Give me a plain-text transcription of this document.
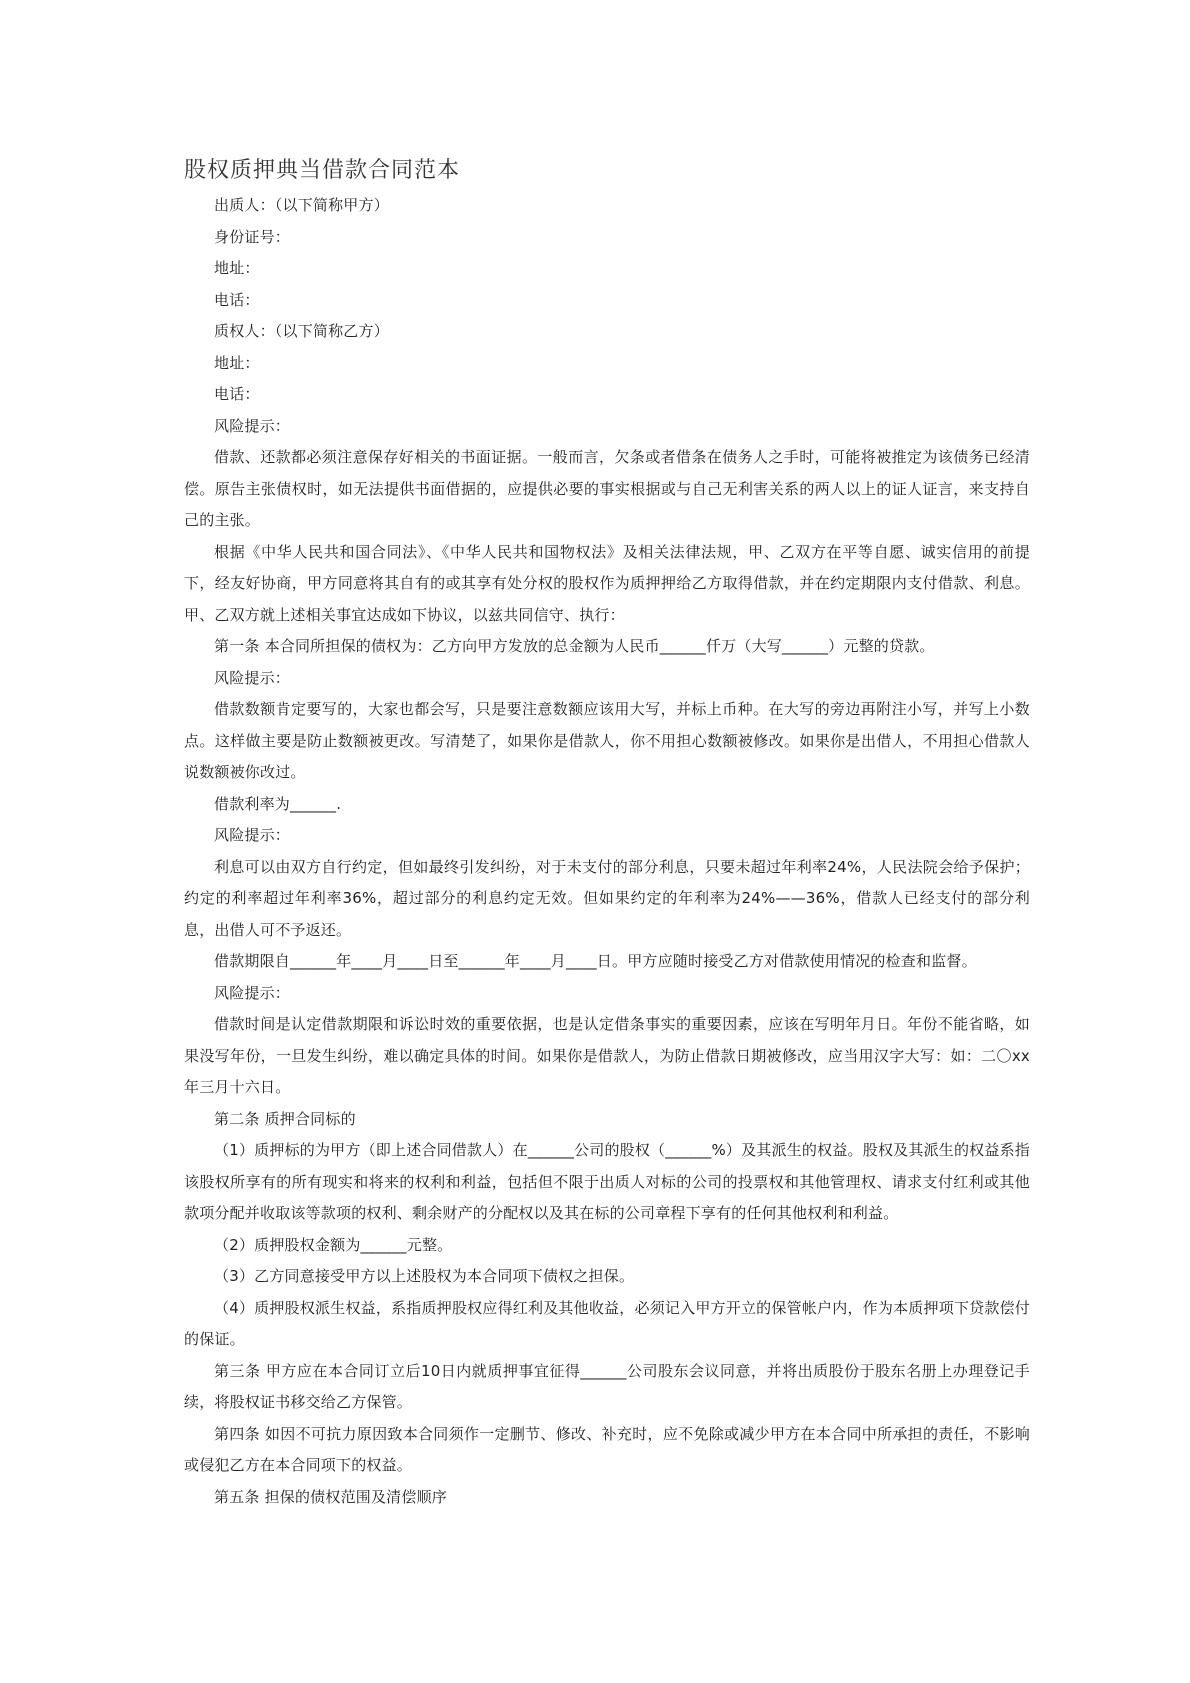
股权质押典当借款合同范本

出质人：（以下简称甲方）

身份证号：

地址：

电话：

质权人：（以下简称乙方）

地址：

电话：

风险提示：

借款、还款都必须注意保存好相关的书面证据。一般而言，欠条或者借条在债务人之手时，可能将被推定为该债务已经清偿。原告主张债权时，如无法提供书面借据的，应提供必要的事实根据或与自己无利害关系的两人以上的证人证言，来支持自己的主张。

根据《中华人民共和国合同法》、《中华人民共和国物权法》及相关法律法规，甲、乙双方在平等自愿、诚实信用的前提下，经友好协商，甲方同意将其自有的或其享有处分权的股权作为质押押给乙方取得借款，并在约定期限内支付借款、利息。甲、乙双方就上述相关事宜达成如下协议，以兹共同信守、执行：

第一条 本合同所担保的债权为：乙方向甲方发放的总金额为人民币______仟万（大写______）元整的贷款。

风险提示：

借款数额肯定要写的，大家也都会写，只是要注意数额应该用大写，并标上币种。在大写的旁边再附注小写，并写上小数点。这样做主要是防止数额被更改。写清楚了，如果你是借款人，你不用担心数额被修改。如果你是出借人，不用担心借款人说数额被你改过。

借款利率为______.

风险提示：

利息可以由双方自行约定，但如最终引发纠纷，对于未支付的部分利息，只要未超过年利率24%，人民法院会给予保护；约定的利率超过年利率36%，超过部分的利息约定无效。但如果约定的年利率为24%——36%，借款人已经支付的部分利息，出借人可不予返还。

借款期限自______年____月____日至______年____月____日。甲方应随时接受乙方对借款使用情况的检查和监督。

风险提示：

借款时间是认定借款期限和诉讼时效的重要依据，也是认定借条事实的重要因素，应该在写明年月日。年份不能省略，如果没写年份，一旦发生纠纷，难以确定具体的时间。如果你是借款人，为防止借款日期被修改，应当用汉字大写：如：二〇xx年三月十六日。

第二条 质押合同标的

（1）质押标的为甲方（即上述合同借款人）在______公司的股权（______%）及其派生的权益。股权及其派生的权益系指该股权所享有的所有现实和将来的权利和利益，包括但不限于出质人对标的公司的投票权和其他管理权、请求支付红利或其他款项分配并收取该等款项的权利、剩余财产的分配权以及其在标的公司章程下享有的任何其他权利和利益。

（2）质押股权金额为______元整。

（3）乙方同意接受甲方以上述股权为本合同项下债权之担保。

（4）质押股权派生权益，系指质押股权应得红利及其他收益，必须记入甲方开立的保管帐户内，作为本质押项下贷款偿付的保证。

第三条 甲方应在本合同订立后10日内就质押事宜征得______公司股东会议同意，并将出质股份于股东名册上办理登记手续，将股权证书移交给乙方保管。

第四条 如因不可抗力原因致本合同须作一定删节、修改、补充时，应不免除或减少甲方在本合同中所承担的责任，不影响或侵犯乙方在本合同项下的权益。

第五条 担保的债权范围及清偿顺序
